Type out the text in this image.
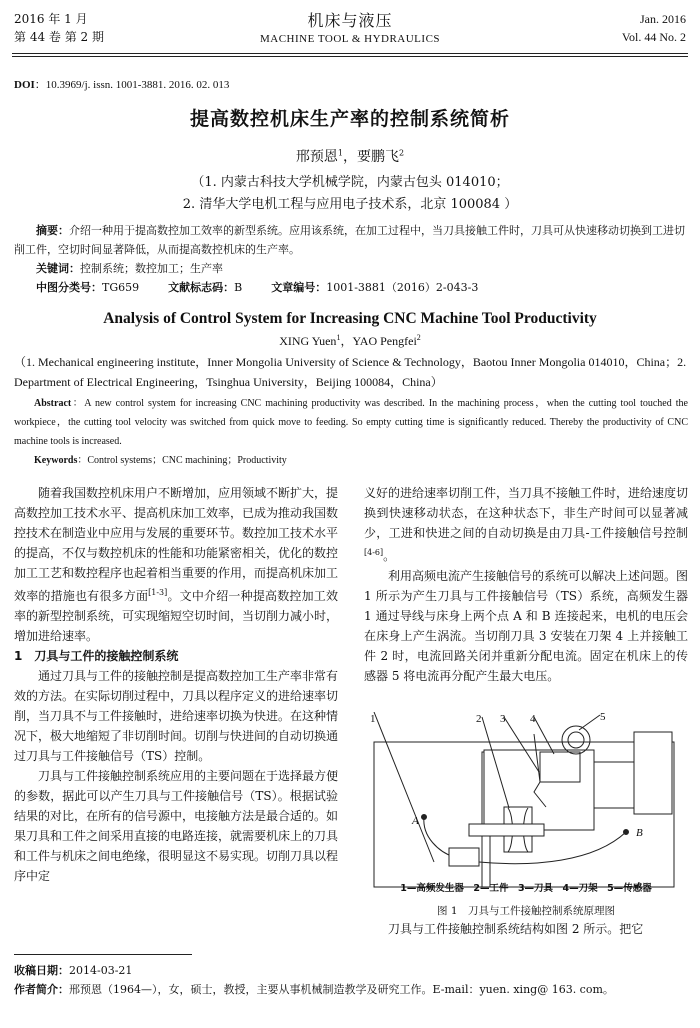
2016 年 1 月
第 44 卷 第 2 期
机床与液压
MACHINE TOOL & HYDRAULICS
Jan. 2016
Vol. 44 No. 2
DOI：10.3969/j. issn. 1001-3881. 2016. 02. 013
提高数控机床生产率的控制系统简析
邢预恩$^1$，要鹏飞$^2$
（1. 内蒙古科技大学机械学院，内蒙古包头 014010；
2. 清华大学电机工程与应用电子技术系，北京 100084 ）
摘要：介绍一种用于提高数控加工效率的新型系统。应用该系统，在加工过程中，当刀具接触工件时，刀具可从快速移动切换到工进切削工件，空切时间显著降低，从而提高数控机床的生产率。
关键词：控制系统；数控加工；生产率
中图分类号：TG659	文献标志码：B	文章编号：1001-3881（2016）2-043-3
Analysis of Control System for Increasing CNC Machine Tool Productivity
XING Yuen$^1$，YAO Pengfei$^2$
（1. Mechanical engineering institute，Inner Mongolia University of Science & Technology，Baotou Inner Mongolia 014010，China；2. Department of Electrical Engineering，Tsinghua University，Beijing 100084，China）
Abstract：A new control system for increasing CNC machining productivity was described. In the machining process，when the cutting tool touched the workpiece，the cutting tool velocity was switched from quick move to feeding. So empty cutting time is significantly reduced. Thereby the productivity of CNC machine tools is increased.
Keywords：Control systems；CNC machining；Productivity

随着我国数控机床用户不断增加，应用领域不断扩大，提高数控加工技术水平、提高机床加工效率，已成为推动我国数控技术在制造业中应用与发展的重要环节。数控加工技术水平的提高，不仅与数控机床的性能和功能紧密相关，优化的数控加工工艺和数控程序也起着相当重要的作用，而提高机床加工效率的措施也有很多方面[1-3]。文中介绍一种提高数控加工效率的新型控制系统，可实现缩短空切时间，当切削力减小时，增加进给速率。

1　 刀具与工件的接触控制系统

通过刀具与工件的接触控制是提高数控加工生产率非常有效的方法。在实际切削过程中，刀具以程序定义的进给速率切削，当刀具不与工件接触时，进给速率切换为快进。在这种情况下，极大地缩短了非切削时间。切削与快进间的自动切换通过刀具与工件接触信号（TS）控制。

刀具与工件接触控制系统应用的主要问题在于选择最方便的参数，据此可以产生刀具与工件接触信号（TS）。根据试验结果的对比，在所有的信号源中，电接触方法是最合适的。如果刀具和工件之间采用直接的电路连接，就需要机床上的刀具和工件与机床之间电绝缘，很明显这不易实现。切削刀具以程序中定

义好的进给速率切削工件，当刀具不接触工件时，进给速度切换到快速移动状态，在这种状态下，非生产时间可以显著减少，工进和快进之间的自动切换是由刀具-工件接触信号控制[4-6]。

利用高频电流产生接触信号的系统可以解决上述问题。图 1 所示为产生刀具与工件接触信号（TS）系统，高频发生器 1 通过导线与床身上两个点 A 和 B 连接起来，电机的电压会在床身上产生涡流。当切削刀具 3 安装在刀架 4 上并接触工件 2 时，电流回路关闭并重新分配电流。固定在机床上的传感器 5 将电流再分配产生最大电压。

1	2 3 4	5
A
B
1—高频发生器　2—工件　3—刀具　4—刀架　5—传感器
图 1　刀具与工件接触控制系统原理图

刀具与工件接触控制系统结构如图 2 所示。把它

收稿日期：2014-03-21
作者简介：邢预恩（1964—），女，硕士，教授，主要从事机械制造教学及研究工作。E-mail：yuen. xing@ 163. com。
